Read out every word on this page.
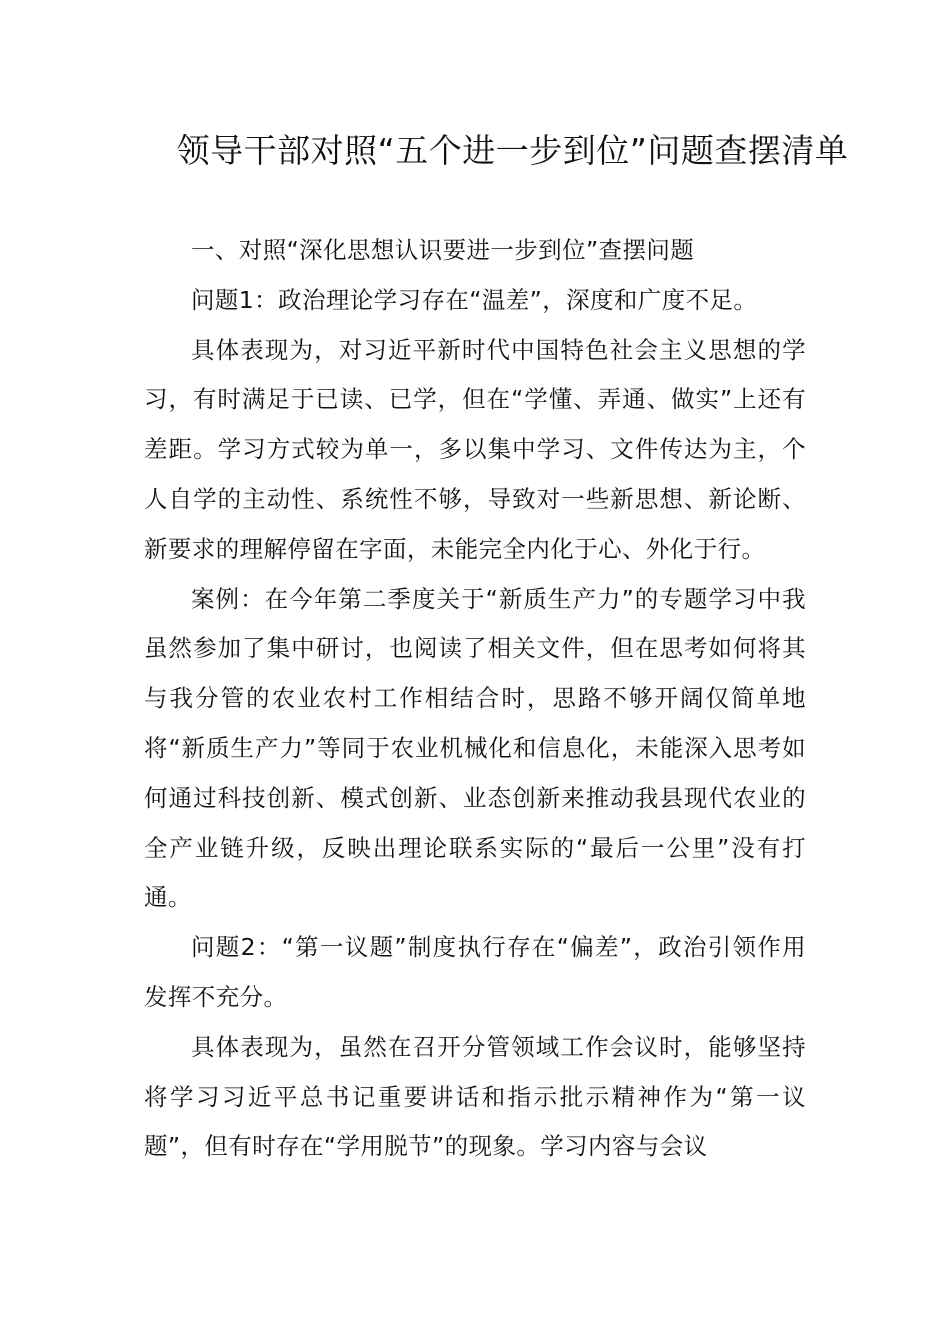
领导干部对照“五个进一步到位”问题查摆清单

一、对照“深化思想认识要进一步到位”查摆问题

问题1：政治理论学习存在“温差”，深度和广度不足。

具体表现为，对习近平新时代中国特色社会主义思想的学习，有时满足于已读、已学，但在“学懂、弄通、做实”上还有差距。学习方式较为单一，多以集中学习、文件传达为主，个人自学的主动性、系统性不够，导致对一些新思想、新论断、新要求的理解停留在字面，未能完全内化于心、外化于行。

案例：在今年第二季度关于“新质生产力”的专题学习中我虽然参加了集中研讨，也阅读了相关文件，但在思考如何将其与我分管的农业农村工作相结合时，思路不够开阔仅简单地将“新质生产力”等同于农业机械化和信息化，未能深入思考如何通过科技创新、模式创新、业态创新来推动我县现代农业的全产业链升级，反映出理论联系实际的“最后一公里”没有打通。

问题2：“第一议题”制度执行存在“偏差”，政治引领作用发挥不充分。

具体表现为，虽然在召开分管领域工作会议时，能够坚持将学习习近平总书记重要讲话和指示批示精神作为“第一议题”，但有时存在“学用脱节”的现象。学习内容与会议
